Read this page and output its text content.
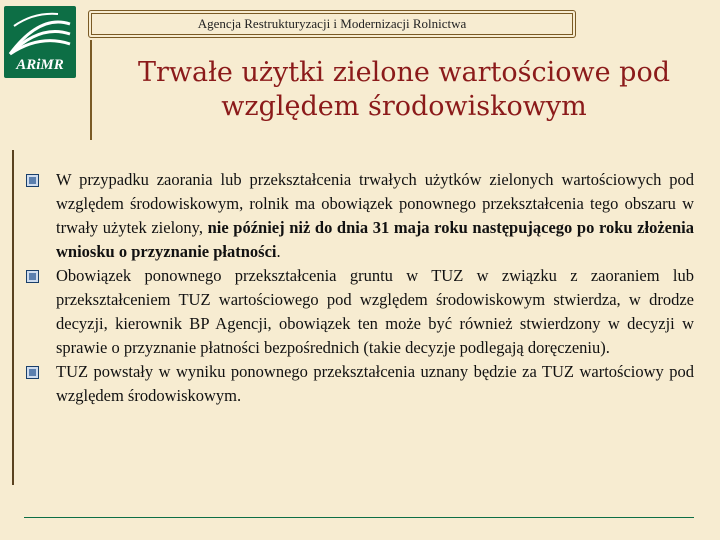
ARiMR
Agencja Restrukturyzacji i Modernizacji Rolnictwa
Trwałe użytki zielone wartościowe pod
względem środowiskowym
W przypadku zaorania lub przekształcenia trwałych użytków zielonych wartościowych pod względem środowiskowym, rolnik ma obowiązek ponownego przekształcenia tego obszaru w trwały użytek zielony, nie później niż do dnia 31 maja roku następującego po roku złożenia wniosku o przyznanie płatności.
Obowiązek ponownego przekształcenia gruntu w TUZ w związku z zaoraniem lub przekształceniem TUZ wartościowego pod względem środowiskowym stwierdza, w drodze decyzji, kierownik BP Agencji, obowiązek ten może być również stwierdzony w decyzji w sprawie o przyznanie płatności bezpośrednich (takie decyzje podlegają doręczeniu).
TUZ powstały w wyniku ponownego przekształcenia uznany będzie za TUZ wartościowy pod względem środowiskowym.
